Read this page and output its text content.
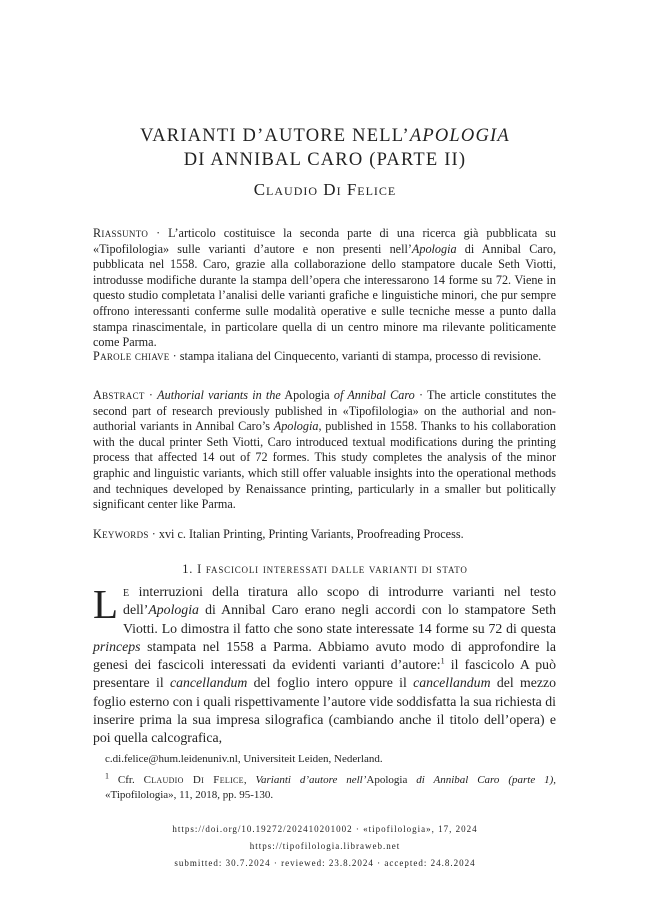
VARIANTI D’AUTORE NELL’APOLOGIA
DI ANNIBAL CARO (PARTE II)
Claudio Di Felice
Riassunto · L’articolo costituisce la seconda parte di una ricerca già pubblicata su «Tipofilologia» sulle varianti d’autore e non presenti nell’Apologia di Annibal Caro, pubblicata nel 1558. Caro, grazie alla collaborazione dello stampatore ducale Seth Viotti, introdusse modifiche durante la stampa dell’opera che interessarono 14 forme su 72. Viene in questo studio completata l’analisi delle varianti grafiche e linguistiche minori, che pur sempre offrono interessanti conferme sulle modalità operative e sulle tecniche messe a punto dalla stampa rinascimentale, in particolare quella di un centro minore ma rilevante politicamente come Parma.
Parole chiave · stampa italiana del Cinquecento, varianti di stampa, processo di revisione.
Abstract · Authorial variants in the Apologia of Annibal Caro · The article constitutes the second part of research previously published in «Tipofilologia» on the authorial and non-authorial variants in Annibal Caro’s Apologia, published in 1558. Thanks to his collaboration with the ducal printer Seth Viotti, Caro introduced textual modifications during the printing process that affected 14 out of 72 formes. This study completes the analysis of the minor graphic and linguistic variants, which still offer valuable insights into the operational methods and techniques developed by Renaissance printing, particularly in a smaller but politically significant center like Parma.
Keywords · xvi c. Italian Printing, Printing Variants, Proofreading Process.
1. I fascicoli interessati dalle varianti di stato
Le interruzioni della tiratura allo scopo di introdurre varianti nel testo dell’Apologia di Annibal Caro erano negli accordi con lo stampatore Seth Viotti. Lo dimostra il fatto che sono state interessate 14 forme su 72 di questa princeps stampata nel 1558 a Parma. Abbiamo avuto modo di approfondire la genesi dei fascicoli interessati da evidenti varianti d’autore:$^1$ il fascicolo A può presentare il cancellandum del foglio intero oppure il cancellandum del mezzo foglio esterno con i quali rispettivamente l’autore vide soddisfatta la sua richiesta di inserire prima la sua impresa silografica (cambiando anche il titolo dell’opera) e poi quella calcografica,
c.di.felice@hum.leidenuniv.nl, Universiteit Leiden, Nederland.
$^1$ Cfr. Claudio Di Felice, Varianti d’autore nell’Apologia di Annibal Caro (parte 1), «Tipofilologia», 11, 2018, pp. 95-130.
https://doi.org/10.19272/202410201002 · «tipofilologia», 17, 2024
https://tipofilologia.libraweb.net
submitted: 30.7.2024 · reviewed: 23.8.2024 · accepted: 24.8.2024
